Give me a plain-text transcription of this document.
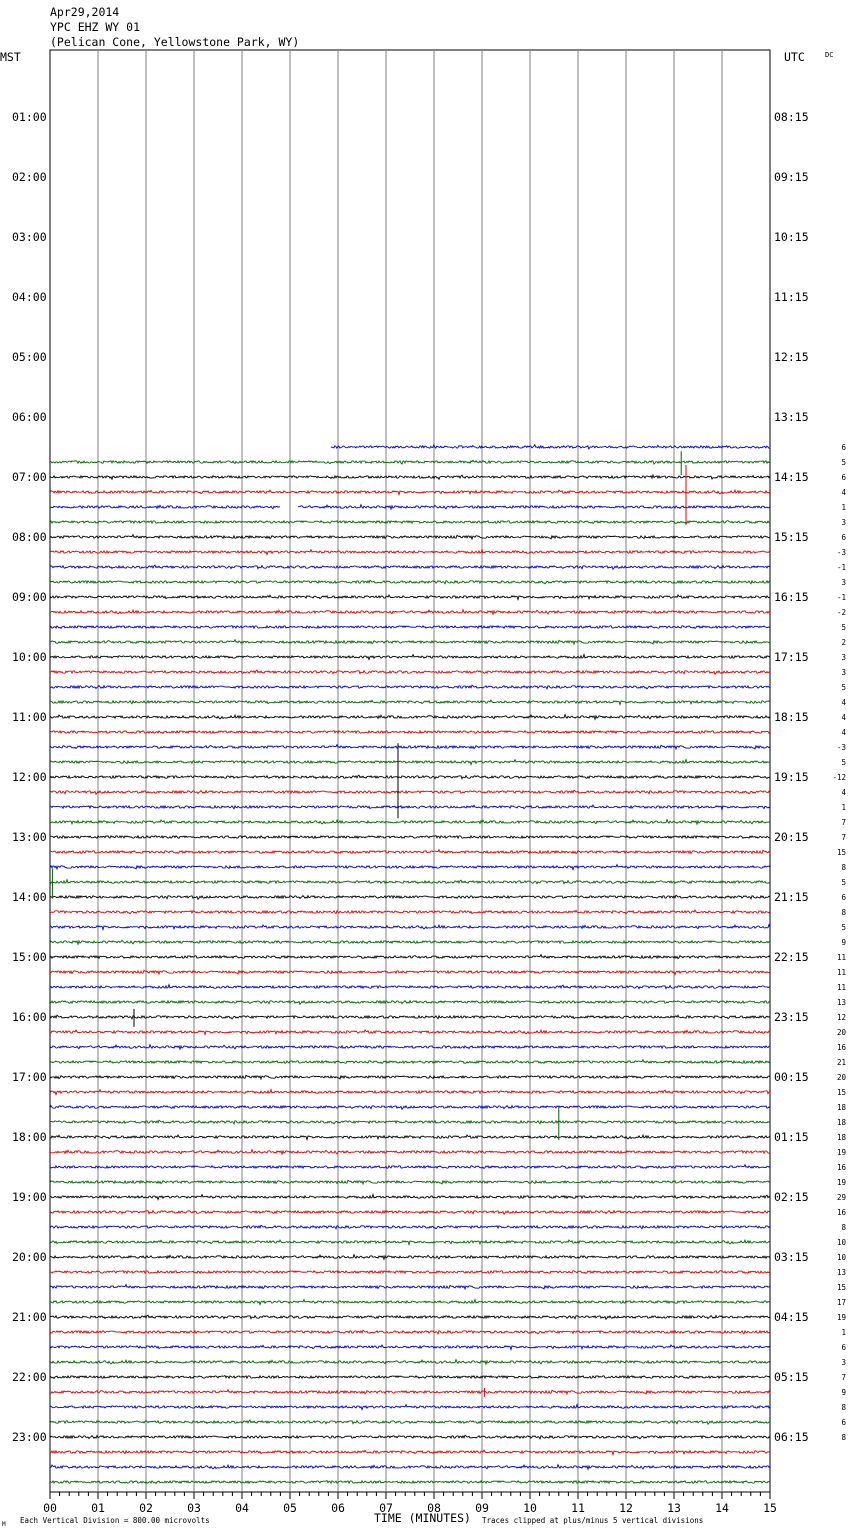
Apr29,2014
YPC EHZ WY 01
(Pelican Cone, Yellowstone Park, WY)
MST	UTC	DC
01:00
02:00
03:00
04:00
05:00
06:00
07:00
08:00
09:00
10:00
11:00
12:00
13:00
14:00
15:00
16:00
17:00
18:00
19:00
20:00
21:00
22:00
23:00
08:15
09:15
10:15
11:15
12:15
13:15
14:15
15:15
16:15
17:15
18:15
19:15
20:15
21:15
22:15
23:15
00:15
01:15
02:15
03:15
04:15
05:15
06:15
6
5
6
4
1
3
6
-3
-1
3
-1
-2
5
2
3
3
5
4
4
4
-3
5
-12
4
1
7
7
15
8
5
6
8
5
9
11
11
11
13
12
20
16
21
20
15
18
18
18
19
16
19
29
16
8
10
10
13
15
17
19
1
6
3
7
9
8
6
8
00	01	02	03	04	05	06	07	08	09	10	11	12	13	14	15
TIME (MINUTES)
Each Vertical Division = 800.00 microvolts	Traces clipped at plus/minus 5 vertical divisions
M
